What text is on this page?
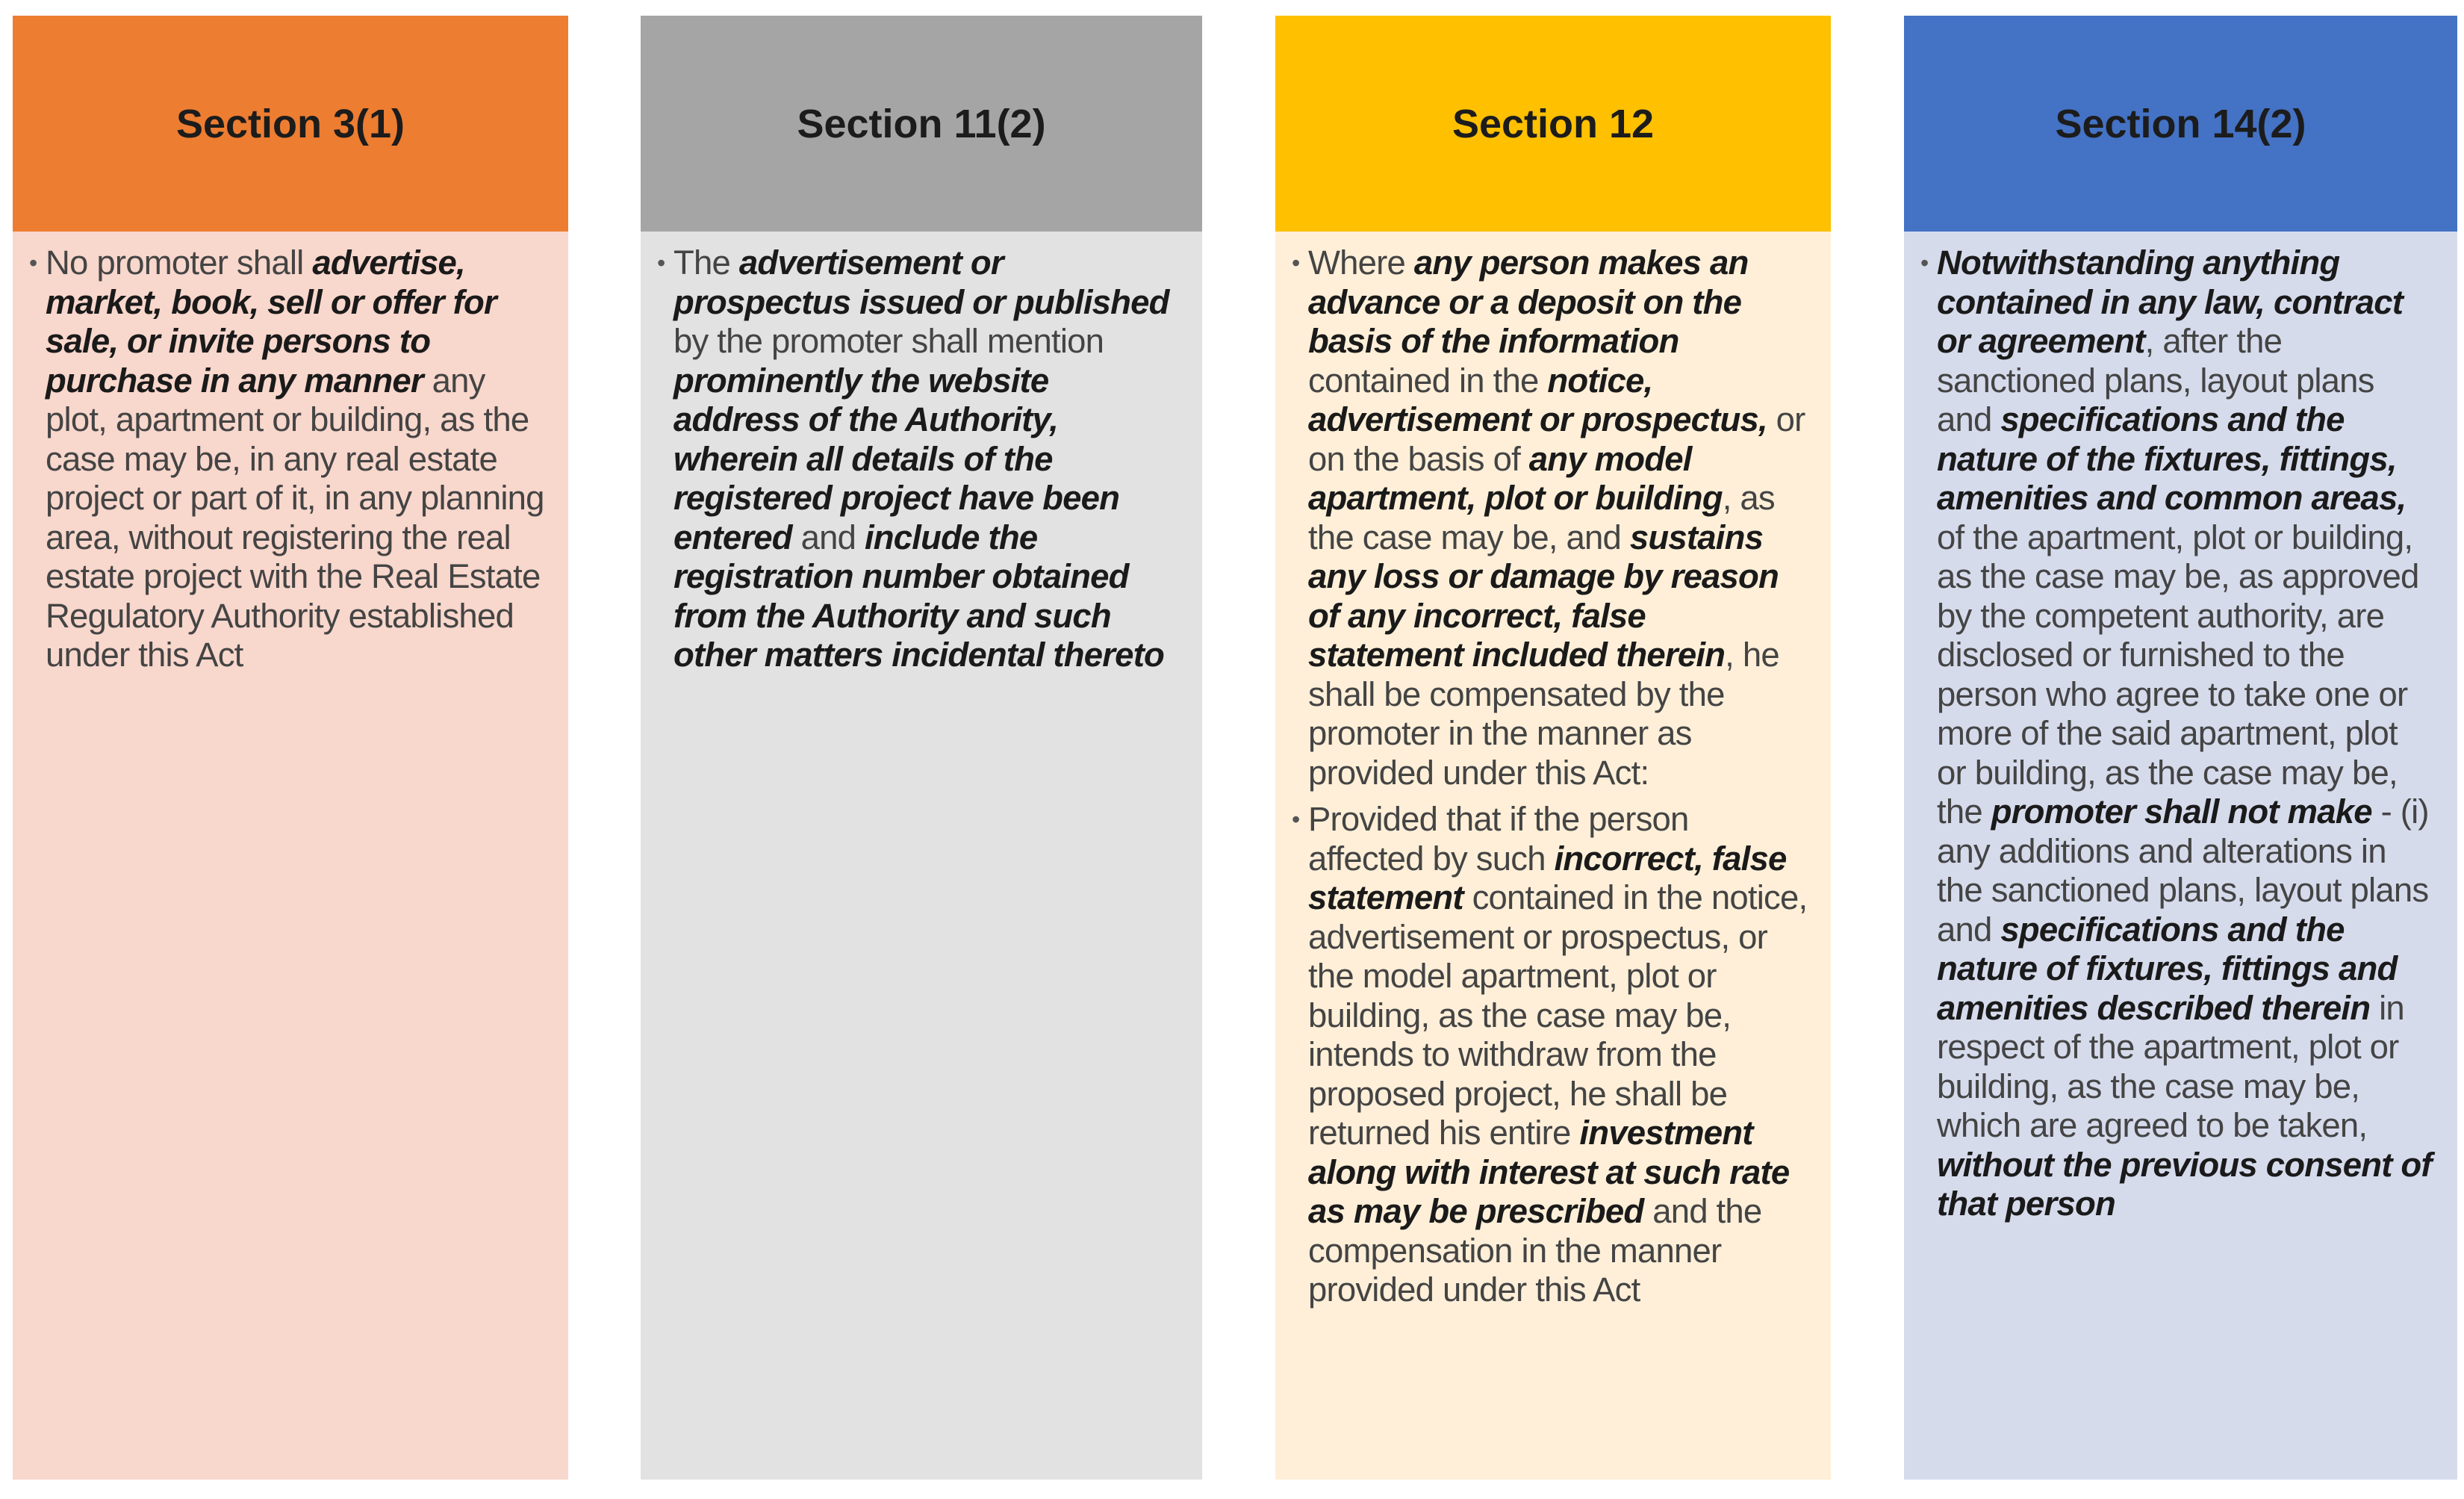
Section 3(1)

• No promoter shall advertise, market, book, sell or offer for sale, or invite persons to purchase in any manner any plot, apartment or building, as the case may be, in any real estate project or part of it, in any planning area, without registering the real estate project with the Real Estate Regulatory Authority established under this Act

Section 11(2)

• The advertisement or prospectus issued or published by the promoter shall mention prominently the website address of the Authority, wherein all details of the registered project have been entered and include the registration number obtained from the Authority and such other matters incidental thereto

Section 12

• Where any person makes an advance or a deposit on the basis of the information contained in the notice, advertisement or prospectus, or on the basis of any model apartment, plot or building, as the case may be, and sustains any loss or damage by reason of any incorrect, false statement included therein, he shall be compensated by the promoter in the manner as provided under this Act:

• Provided that if the person affected by such incorrect, false statement contained in the notice, advertisement or prospectus, or the model apartment, plot or building, as the case may be, intends to withdraw from the proposed project, he shall be returned his entire investment along with interest at such rate as may be prescribed and the compensation in the manner provided under this Act

Section 14(2)

• Notwithstanding anything contained in any law, contract or agreement, after the sanctioned plans, layout plans and specifications and the nature of the fixtures, fittings, amenities and common areas, of the apartment, plot or building, as the case may be, as approved by the competent authority, are disclosed or furnished to the person who agree to take one or more of the said apartment, plot or building, as the case may be, the promoter shall not make - (i) any additions and alterations in the sanctioned plans, layout plans and specifications and the nature of fixtures, fittings and amenities described therein in respect of the apartment, plot or building, as the case may be, which are agreed to be taken, without the previous consent of that person
